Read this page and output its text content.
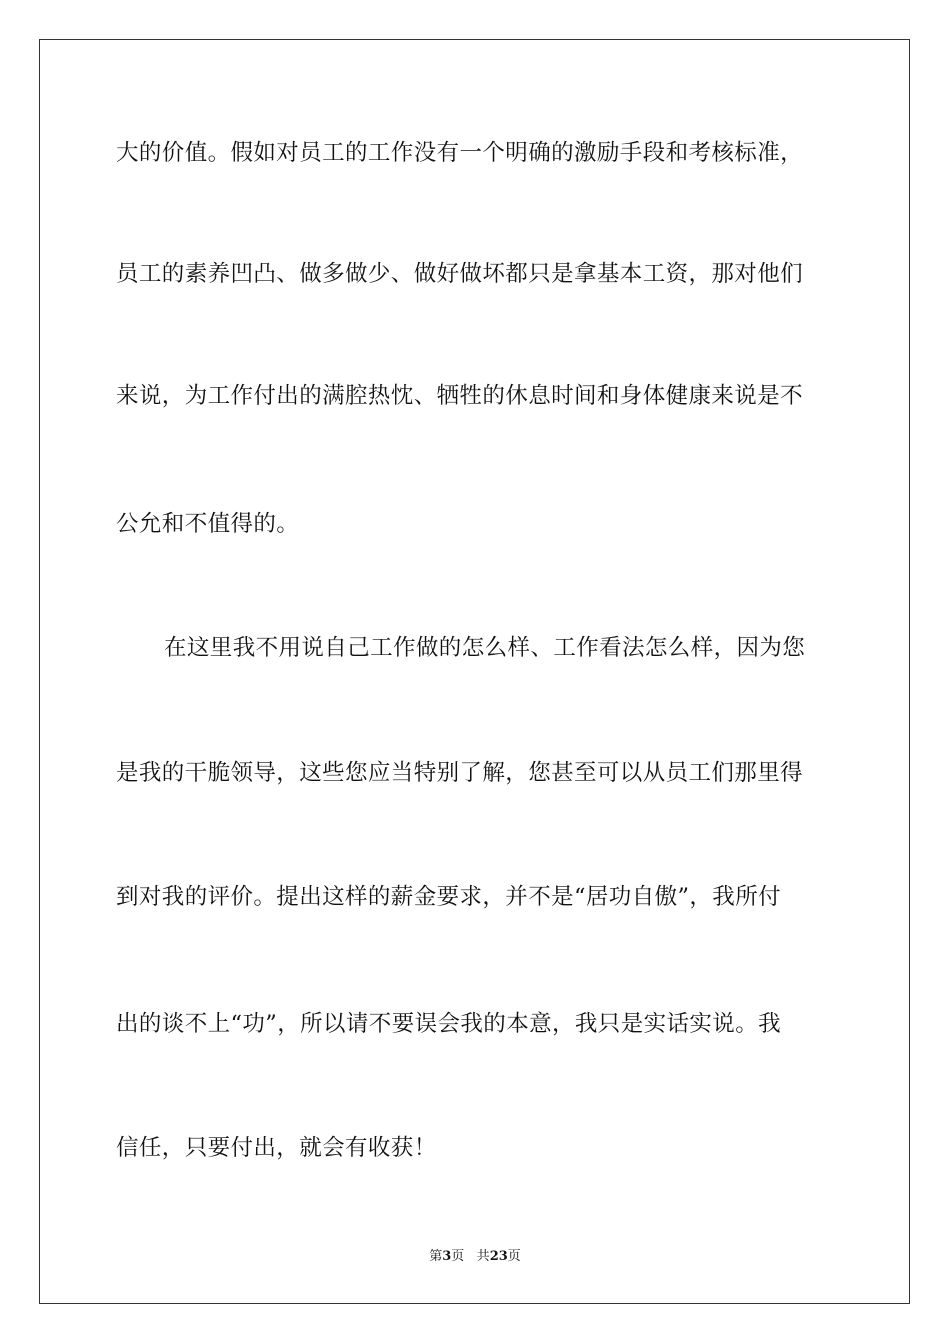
大的价值。假如对员工的工作没有一个明确的激励手段和考核标准，
员工的素养凹凸、做多做少、做好做坏都只是拿基本工资，那对他们
来说，为工作付出的满腔热忱、牺牲的休息时间和身体健康来说是不
公允和不值得的。
在这里我不用说自己工作做的怎么样、工作看法怎么样，因为您
是我的干脆领导，这些您应当特别了解，您甚至可以从员工们那里得
到对我的评价。提出这样的薪金要求，并不是“居功自傲”，我所付
出的谈不上“功”，所以请不要误会我的本意，我只是实话实说。我
信任，只要付出，就会有收获！
第3页 共23页
